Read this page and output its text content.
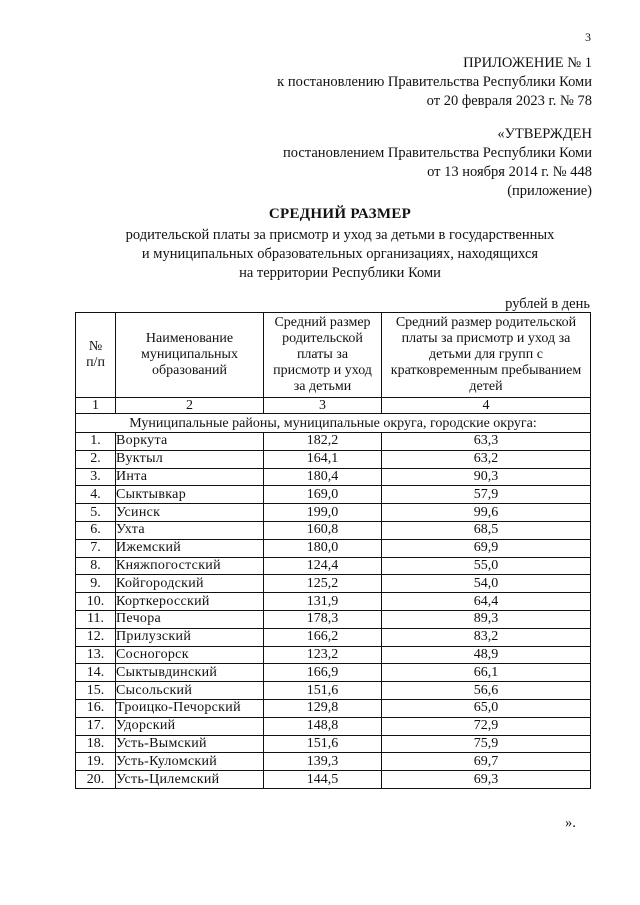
3
ПРИЛОЖЕНИЕ № 1
к постановлению Правительства Республики Коми
от 20 февраля 2023 г. № 78
«УТВЕРЖДЕН
постановлением Правительства Республики Коми
от 13 ноября 2014 г. № 448
(приложение)
СРЕДНИЙ РАЗМЕР
родительской платы за присмотр и уход за детьми в государственных
и муниципальных образовательных организациях, находящихся
на территории Республики Коми
рублей в день
№ п/п	Наименование муниципальных образований	Средний размер родительской платы за присмотр и уход за детьми	Средний размер родительской платы за присмотр и уход за детьми для групп с кратковременным пребыванием детей
1	2	3	4
Муниципальные районы, муниципальные округа, городские округа:			
1.	Воркута	182,2	63,3
2.	Вуктыл	164,1	63,2
3.	Инта	180,4	90,3
4.	Сыктывкар	169,0	57,9
5.	Усинск	199,0	99,6
6.	Ухта	160,8	68,5
7.	Ижемский	180,0	69,9
8.	Княжпогостский	124,4	55,0
9.	Койгородский	125,2	54,0
10.	Корткеросский	131,9	64,4
11.	Печора	178,3	89,3
12.	Прилузский	166,2	83,2
13.	Сосногорск	123,2	48,9
14.	Сыктывдинский	166,9	66,1
15.	Сысольский	151,6	56,6
16.	Троицко-Печорский	129,8	65,0
17.	Удорский	148,8	72,9
18.	Усть-Вымский	151,6	75,9
19.	Усть-Куломский	139,3	69,7
20.	Усть-Цилемский	144,5	69,3
».
